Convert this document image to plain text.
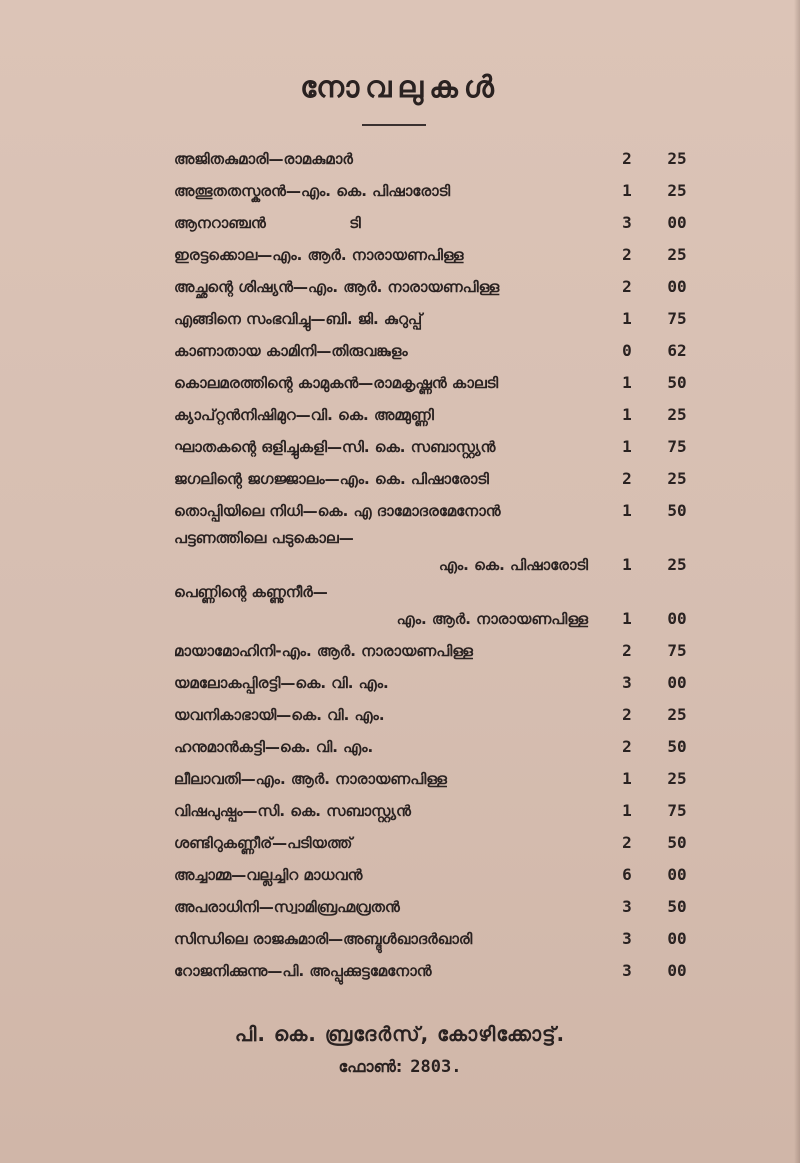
നോവലുകൾ
അജിതകുമാരി—രാമകുമാർ	2	25
അത്ഭുതതസ്കരൻ—എം. കെ. പിഷാരോടി	1	25
ആനറാഞ്ചൻ                ടി	3	00
ഇരട്ടക്കൊല—എം. ആർ. നാരായണപിള്ള	2	25
അച്ഛന്റെ ശിഷ്യൻ—എം. ആർ. നാരായണപിള്ള	2	00
എങ്ങിനെ സംഭവിച്ചു—ബി. ജി. കുറുപ്പ്	1	75
കാണാതായ കാമിനി—തിരുവങ്കുളം	0	62
കൊലമരത്തിന്റെ കാമുകൻ—രാമകൃഷ്ണൻ കാലടി	1	50
ക്യാപ്റ്റൻനിഷിമുറ—വി. കെ. അമ്മുണ്ണി	1	25
ഘാതകന്റെ ഒളിച്ചുകളി—സി. കെ. സബാസ്റ്റ്യൻ	1	75
ജഗലിന്റെ ജഗജ്ജാലം—എം. കെ. പിഷാരോടി	2	25
തൊപ്പിയിലെ നിധി—കെ. എ ദാമോദരമേനോൻ	1	50
പട്ടണത്തിലെ പടുകൊല—
എം. കെ. പിഷാരോടി	1	25
പെണ്ണിന്റെ കണ്ണുനീർ—
എം. ആർ. നാരായണപിള്ള	1	00
മായാമോഹിനി-എം. ആർ. നാരായണപിള്ള	2	75
യമലോകപ്പിരട്ടി—കെ. വി. എം.	3	00
യവനികാഭായി—കെ. വി. എം.	2	25
ഹനുമാൻകട്ടി—കെ. വി. എം.	2	50
ലീലാവതി—എം. ആർ. നാരായണപിള്ള	1	25
വിഷപുഷ്പം—സി. കെ. സബാസ്റ്റ്യൻ	1	75
ശണ്ടിറുകണ്ണീര്—പടിയത്ത്	2	50
അച്ചാമ്മ—വല്ലച്ചിറ മാധവൻ	6	00
അപരാധിനി—സ്വാമിബ്രഹ്മവ്രതൻ	3	50
സിന്ധിലെ രാജകുമാരി—അബ്ദുൾഖാദർഖാരി	3	00
റോജനിക്കുന്നു—പി. അപ്പുക്കുട്ടമേനോൻ	3	00
പി. കെ. ബ്രദേർസ്, കോഴിക്കോട്ട്.
ഫോൺ: 2803.
